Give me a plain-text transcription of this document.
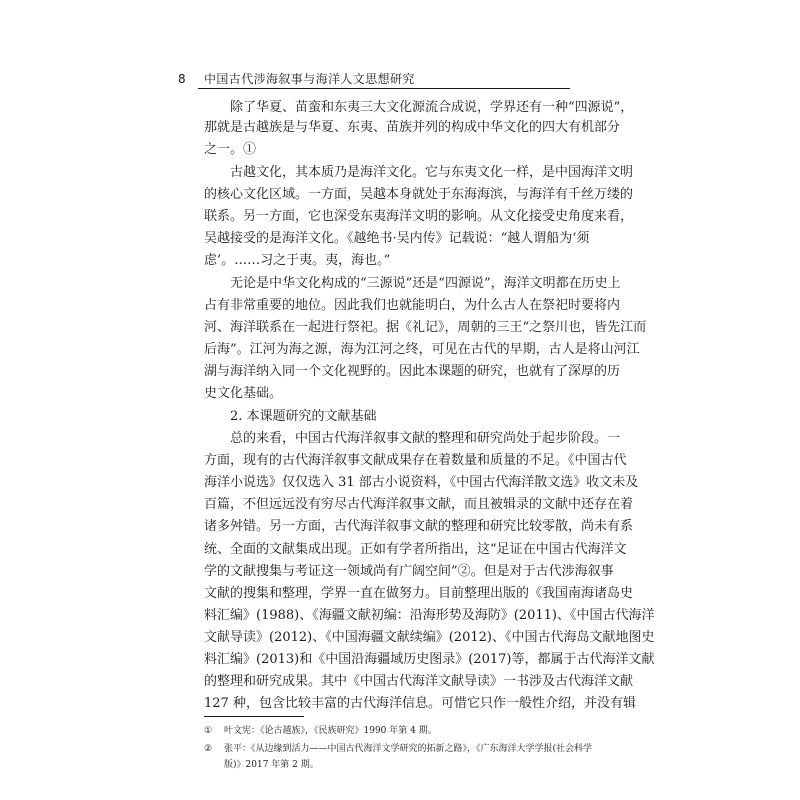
8 中国古代涉海叙事与海洋人文思想研究
除了华夏、苗蛮和东夷三大文化源流合成说，学界还有一种“四源说”，
那就是古越族是与华夏、东夷、苗族并列的构成中华文化的四大有机部分
之一。①
古越文化，其本质乃是海洋文化。它与东夷文化一样，是中国海洋文明
的核心文化区域。一方面，吴越本身就处于东海海滨，与海洋有千丝万缕的
联系。另一方面，它也深受东夷海洋文明的影响。从文化接受史角度来看，
吴越接受的是海洋文化。《越绝书·吴内传》记载说：“越人谓船为‘须
虑’。……习之于夷。夷，海也。”
无论是中华文化构成的“三源说”还是“四源说”，海洋文明都在历史上
占有非常重要的地位。因此我们也就能明白，为什么古人在祭祀时要将内
河、海洋联系在一起进行祭祀。据《礼记》，周朝的三王“之祭川也，皆先江而
后海”。江河为海之源，海为江河之终，可见在古代的早期，古人是将山河江
湖与海洋纳入同一个文化视野的。因此本课题的研究，也就有了深厚的历
史文化基础。
2. 本课题研究的文献基础
总的来看，中国古代海洋叙事文献的整理和研究尚处于起步阶段。一
方面，现有的古代海洋叙事文献成果存在着数量和质量的不足。《中国古代
海洋小说选》仅仅选入 31 部古小说资料，《中国古代海洋散文选》收文未及
百篇，不但远远没有穷尽古代海洋叙事文献，而且被辑录的文献中还存在着
诸多舛错。另一方面，古代海洋叙事文献的整理和研究比较零散，尚未有系
统、全面的文献集成出现。正如有学者所指出，这“足证在中国古代海洋文
学的文献搜集与考证这一领域尚有广阔空间”②。但是对于古代涉海叙事
文献的搜集和整理，学界一直在做努力。目前整理出版的《我国南海诸岛史
料汇编》(1988)、《海疆文献初编：沿海形势及海防》(2011)、《中国古代海洋
文献导读》(2012)、《中国海疆文献续编》(2012)、《中国古代海岛文献地图史
料汇编》(2013)和《中国沿海疆域历史图录》(2017)等，都属于古代海洋文献
的整理和研究成果。其中《中国古代海洋文献导读》一书涉及古代海洋文献
127 种，包含比较丰富的古代海洋信息。可惜它只作一般性介绍，并没有辑
① 叶文宪：《论古越族》，《民族研究》1990 年第 4 期。
② 张平：《从边缘到活力——中国古代海洋文学研究的拓新之路》，《广东海洋大学学报(社会科学
版)》2017 年第 2 期。
